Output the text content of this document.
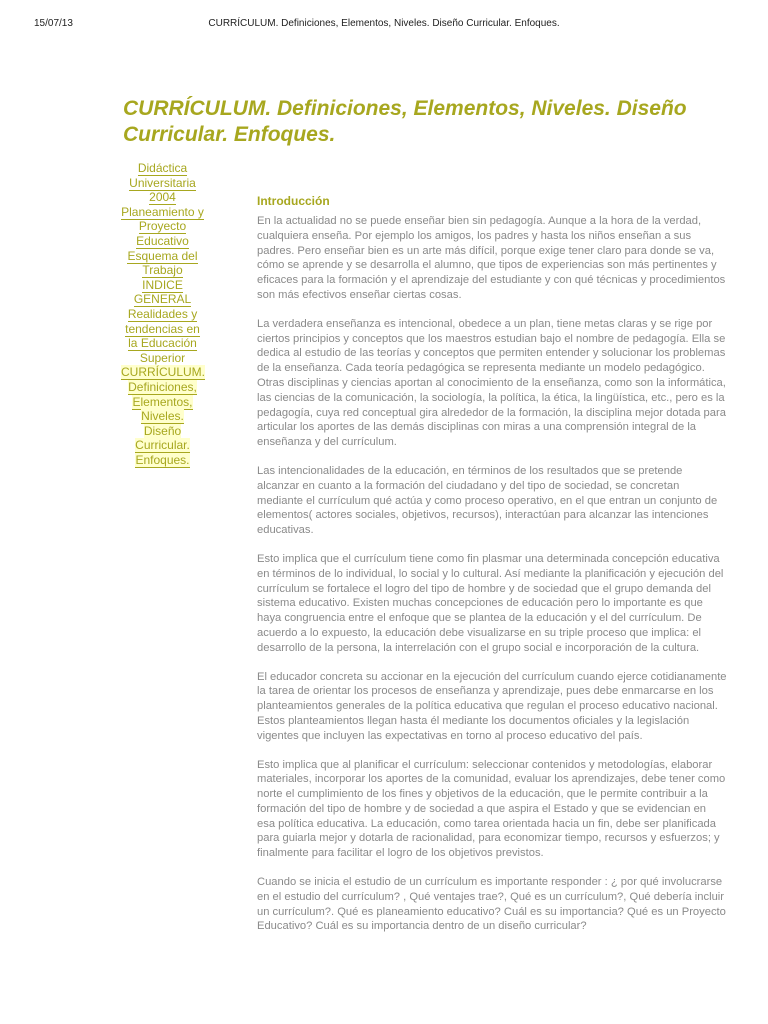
15/07/13	CURRÍCULUM. Definiciones, Elementos, Niveles. Diseño Curricular. Enfoques.
CURRÍCULUM. Definiciones, Elementos, Niveles. Diseño Curricular. Enfoques.
Didáctica Universitaria 2004
Planeamiento y Proyecto Educativo
Esquema del Trabajo
INDICE GENERAL
Realidades y tendencias en la Educación Superior
CURRÍCULUM. Definiciones, Elementos, Niveles. Diseño Curricular. Enfoques.
Introducción

En la actualidad no se puede enseñar bien sin pedagogía. Aunque a la hora de la verdad, cualquiera enseña. Por ejemplo los amigos, los padres y hasta los niños enseñan a sus padres. Pero enseñar bien es un arte más difícil, porque exige tener claro para donde se va, cómo se aprende y se desarrolla el alumno, que tipos de experiencias son más pertinentes y eficaces para la formación y el aprendizaje del estudiante y con qué técnicas y procedimientos son más efectivos enseñar ciertas cosas.

La verdadera enseñanza es intencional, obedece a un plan, tiene metas claras y se rige por ciertos principios y conceptos que los maestros estudian bajo el nombre de pedagogía. Ella se dedica al estudio de las teorías y conceptos que permiten entender y solucionar los problemas de la enseñanza. Cada teoría pedagógica se representa mediante un modelo pedagógico. Otras disciplinas y ciencias aportan al conocimiento de la enseñanza, como son la informática, las ciencias de la comunicación, la sociología, la política, la ética, la lingüística, etc., pero es la pedagogía, cuya red conceptual gira alrededor de la formación, la disciplina mejor dotada para articular los aportes de las demás disciplinas con miras a una comprensión integral de la enseñanza y del currículum.

Las intencionalidades de la educación, en términos de los resultados que se pretende alcanzar en cuanto a la formación del ciudadano y del tipo de sociedad, se concretan mediante el currículum qué actúa y como proceso operativo, en el que entran un conjunto de elementos( actores sociales, objetivos, recursos), interactúan para alcanzar las intenciones educativas.

Esto implica que el currículum tiene como fin plasmar una determinada concepción educativa en términos de lo individual, lo social y lo cultural. Así mediante la planificación y ejecución del currículum se fortalece el logro del tipo de hombre y de sociedad que el grupo demanda del sistema educativo. Existen muchas concepciones de educación pero lo importante es que haya congruencia entre el enfoque que se plantea de la educación y el del currículum. De acuerdo a lo expuesto, la educación debe visualizarse en su triple proceso que implica: el desarrollo de la persona, la interrelación con el grupo social e incorporación de la cultura.

El educador concreta su accionar en la ejecución del currículum cuando ejerce cotidianamente la tarea de orientar los procesos de enseñanza y aprendizaje, pues debe enmarcarse en los planteamientos generales de la política educativa que regulan el proceso educativo nacional. Estos planteamientos llegan hasta él mediante los documentos oficiales y la legislación vigentes que incluyen las expectativas en torno al proceso educativo del país.

Esto implica que al planificar el currículum: seleccionar contenidos y metodologías, elaborar materiales, incorporar los aportes de la comunidad, evaluar los aprendizajes, debe tener como norte el cumplimiento de los fines y objetivos de la educación, que le permite contribuir a la formación del tipo de hombre y de sociedad a que aspira el Estado y que se evidencian en esa política educativa. La educación, como tarea orientada hacia un fin, debe ser planificada para guiarla mejor y dotarla de racionalidad, para economizar tiempo, recursos y esfuerzos; y finalmente para facilitar el logro de los objetivos previstos.

Cuando se inicia el estudio de un currículum es importante responder : ¿ por qué involucrarse en el estudio del currículum? , Qué ventajes trae?, Qué es un currículum?, Qué debería incluir un currículum?. Qué es planeamiento educativo? Cuál es su importancia? Qué es un Proyecto Educativo? Cuál es su importancia dentro de un diseño curricular?
